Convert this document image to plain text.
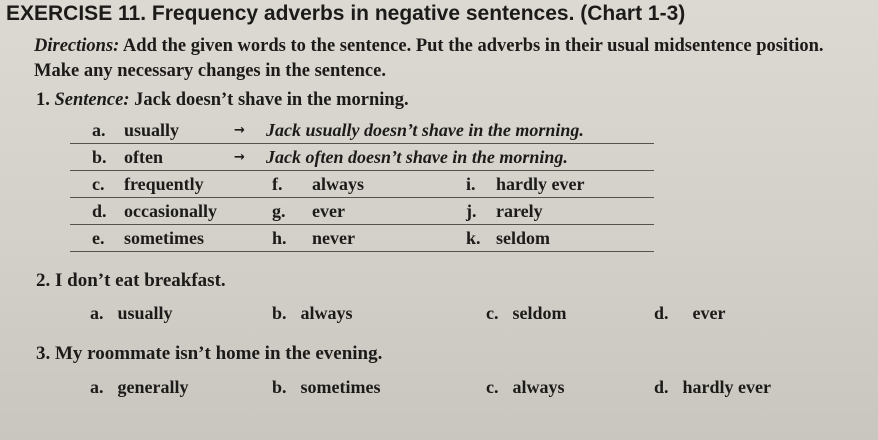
EXERCISE 11. Frequency adverbs in negative sentences. (Chart 1-3)
Directions: Add the given words to the sentence. Put the adverbs in their usual midsentence position. Make any necessary changes in the sentence.
1. Sentence: Jack doesn’t shave in the morning.
a. usually	→ Jack usually doesn’t shave in the morning.
b. often	→ Jack often doesn’t shave in the morning.
c. frequently	f. always	i. hardly ever
d. occasionally	g. ever	j. rarely
e. sometimes	h. never	k. seldom
2. I don’t eat breakfast.
a. usually	b. always	c. seldom	d. ever
3. My roommate isn’t home in the evening.
a. generally	b. sometimes	c. always	d. hardly ever
